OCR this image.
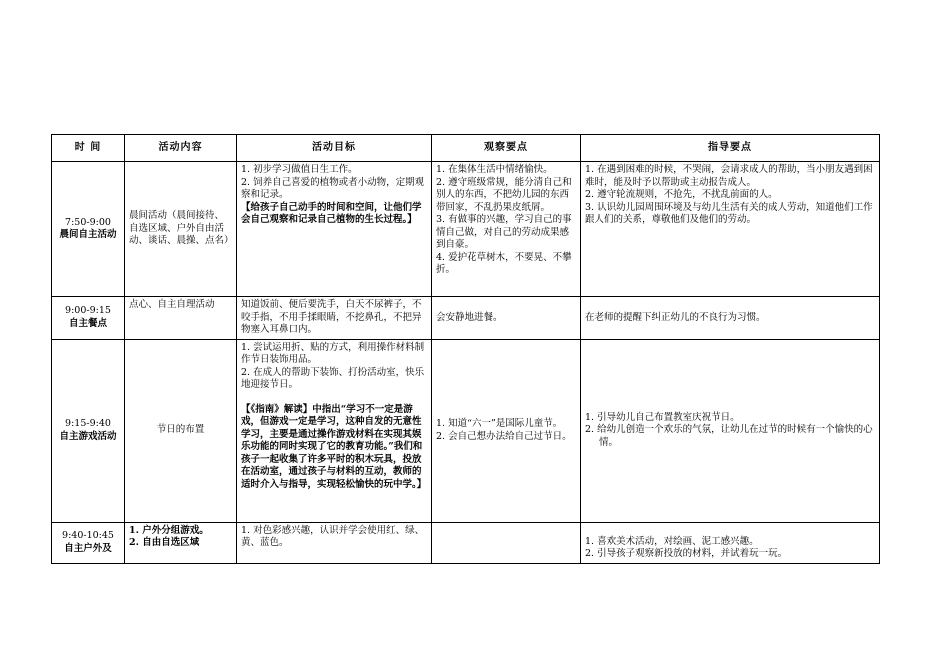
时 间	活动内容	活动目标	观察要点	指导要点

7:50-9:00
晨间自主活动	晨间活动（晨间接待、自选区域、户外自由活动、谈话、晨操、点名）	1. 初步学习做值日生工作。
2. 饲养自己喜爱的植物或者小动物，定期观察和记录。
【给孩子自己动手的时间和空间，让他们学会自己观察和记录自己植物的生长过程。】	1. 在集体生活中情绪愉快。
2. 遵守班级常规，能分清自己和别人的东西，不把幼儿园的东西带回家，不乱扔果皮纸屑。
3. 有做事的兴趣，学习自己的事情自己做，对自己的劳动成果感到自豪。
4. 爱护花草树木，不要晃、不攀折。	1. 在遇到困难的时候，不哭闹，会请求成人的帮助，当小朋友遇到困难时，能及时予以帮助或主动报告成人。
2. 遵守轮流规则，不抢先，不扰乱前面的人。
3. 认识幼儿园周围环境及与幼儿生活有关的成人劳动，知道他们工作跟人们的关系，尊敬他们及他们的劳动。

9:00-9:15
自主餐点	点心、自主自理活动	知道饭前、便后要洗手，白天不尿裤子，不咬手指，不用手揉眼睛，不挖鼻孔，不把异物塞入耳鼻口内。	会安静地进餐。	在老师的提醒下纠正幼儿的不良行为习惯。

9:15-9:40
自主游戏活动	节日的布置	1. 尝试运用折、贴的方式，利用操作材料制作节日装饰用品。
2. 在成人的帮助下装饰、打扮活动室，快乐地迎接节日。
【《指南》解读】中指出“学习不一定是游戏，但游戏一定是学习，这种自发的无意性学习，主要是通过操作游戏材料在实现其娱乐功能的同时实现了它的教育功能。”我们和孩子一起收集了许多平时的积木玩具，投放在活动室，通过孩子与材料的互动，教师的适时介入与指导，实现轻松愉快的玩中学。】	1. 知道“六一”是国际儿童节。
2. 会自己想办法给自己过节日。	1. 引导幼儿自己布置教室庆祝节日。
2. 给幼儿创造一个欢乐的气氛，让幼儿在过节的时候有一个愉快的心情。

9:40-10:45
自主户外及	1. 户外分组游戏。
2. 自由自选区域	1. 对色彩感兴趣，认识并学会使用红、绿、黄、蓝色。		1. 喜欢美术活动，对绘画、泥工感兴趣。
2. 引导孩子观察新投放的材料，并试着玩一玩。
